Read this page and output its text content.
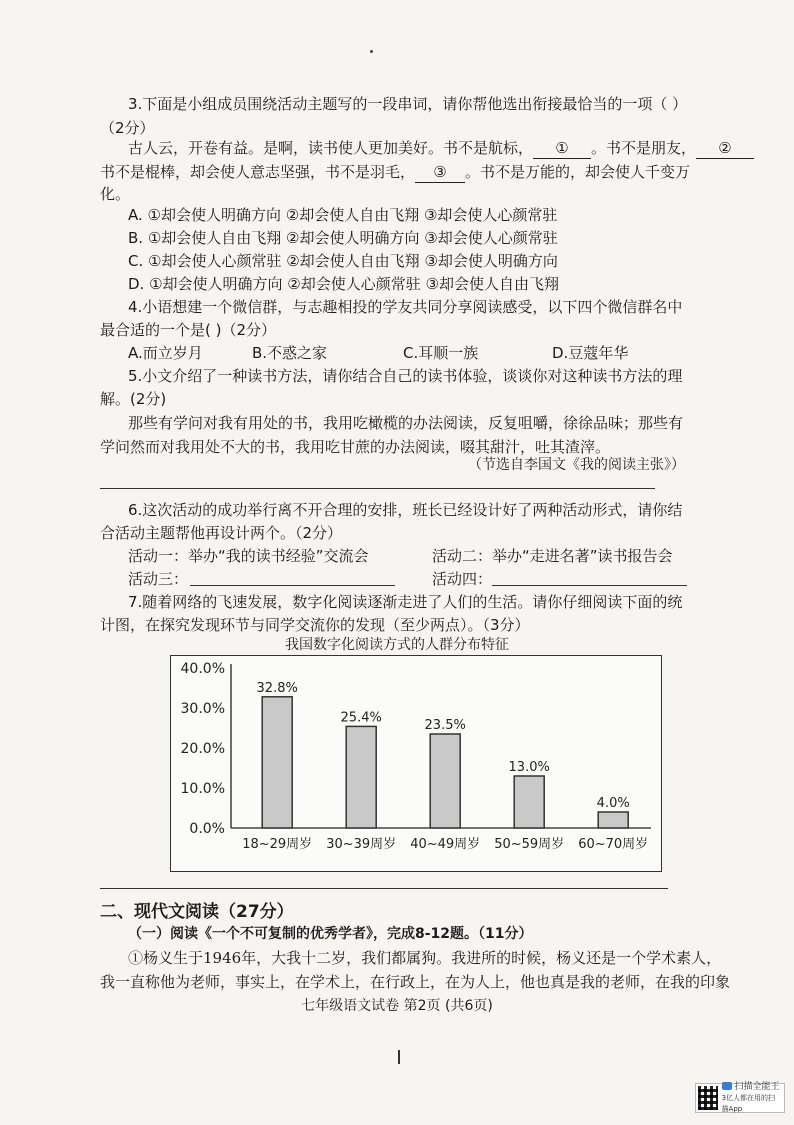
3.下面是小组成员围绕活动主题写的一段串词，请你帮他选出衔接最恰当的一项（ ）
（2分）
古人云，开卷有益。是啊，读书使人更加美好。书不是航标， ① 。书不是朋友， ②
书不是棍棒，却会使人意志坚强，书不是羽毛， ③ 。书不是万能的，却会使人千变万
化。
A. ①却会使人明确方向 ②却会使人自由飞翔 ③却会使人心颜常驻
B. ①却会使人自由飞翔 ②却会使人明确方向 ③却会使人心颜常驻
C. ①却会使人心颜常驻 ②却会使人自由飞翔 ③却会使人明确方向
D. ①却会使人明确方向 ②却会使人心颜常驻 ③却会使人自由飞翔
4.小语想建一个微信群，与志趣相投的学友共同分享阅读感受，以下四个微信群名中
最合适的一个是( )（2分）
A.而立岁月	B.不惑之家	C.耳顺一族	D.豆蔻年华
5.小文介绍了一种读书方法，请你结合自己的读书体验，谈谈你对这种读书方法的理
解。(2分)
那些有学问对我有用处的书，我用吃橄榄的办法阅读，反复咀嚼，徐徐品味；那些有
学问然而对我用处不大的书，我用吃甘蔗的办法阅读，啜其甜汁，吐其渣滓。
（节选自李国文《我的阅读主张》）
6.这次活动的成功举行离不开合理的安排，班长已经设计好了两种活动形式，请你结
合活动主题帮他再设计两个。（2分）
活动一：举办“我的读书经验”交流会	活动二：举办“走进名著”读书报告会
活动三：	活动四：
7.随着网络的飞速发展，数字化阅读逐渐走进了人们的生活。请你仔细阅读下面的统
计图，在探究发现环节与同学交流你的发现（至少两点）。（3分）
我国数字化阅读方式的人群分布特征
40.0%
30.0%
20.0%
10.0%
0.0%
32.8%
18~29周岁
25.4%
30~39周岁
23.5%
40~49周岁
13.0%
50~59周岁
4.0%
60~70周岁
二、现代文阅读（27分）
（一）阅读《一个不可复制的优秀学者》，完成8-12题。（11分）
①杨义生于1946年，大我十二岁，我们都属狗。我进所的时候，杨义还是一个学术素人，
我一直称他为老师，事实上，在学术上，在行政上，在为人上，他也真是我的老师，在我的印象
七年级语文试卷 第2页 (共6页)
扫描全能王
3亿人都在用的扫描App
